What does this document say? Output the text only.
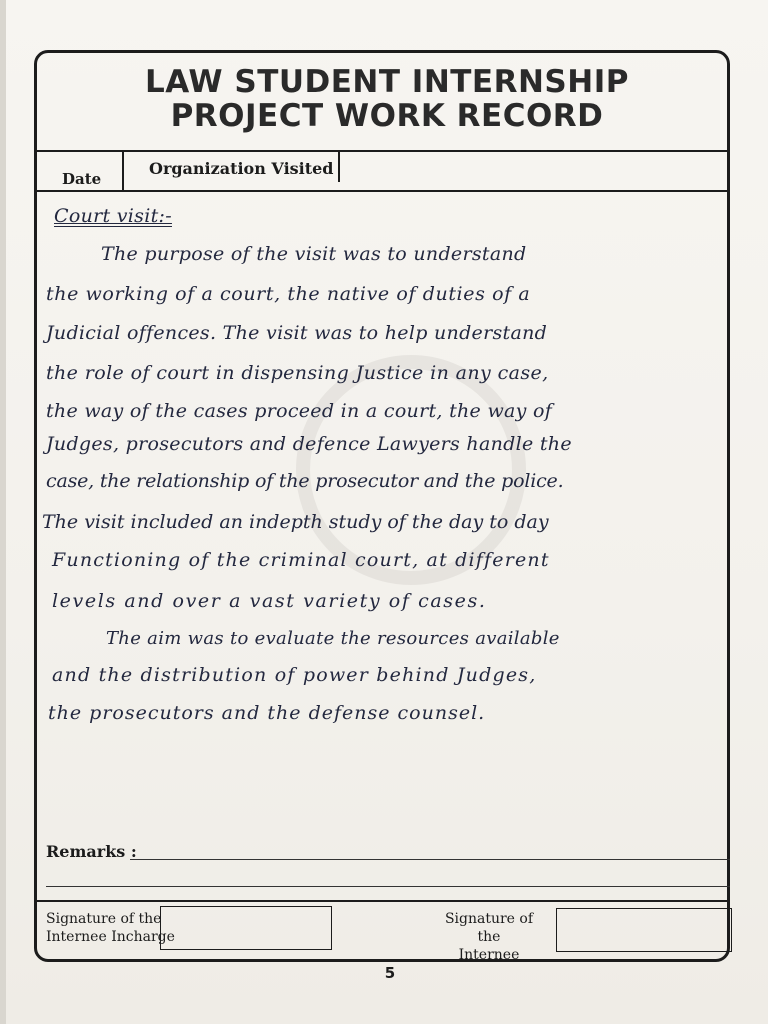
LAW STUDENT INTERNSHIP
PROJECT WORK RECORD
Date
Organization Visited
Court visit:-
The purpose of the visit was to understand
the working of a court, the native of duties of a
Judicial offences. The visit was to help understand
the role of court in dispensing Justice in any case,
the way of the cases proceed in a court, the way of
Judges, prosecutors and defence Lawyers handle the
case, the relationship of the prosecutor and the police.
The visit included an indepth study of the day to day
Functioning of the criminal court, at different
levels and over a vast variety of cases.
The aim was to evaluate the resources available
and the distribution of power behind Judges,
the prosecutors and the defense counsel.
Remarks :
Signature of the
Internee Incharge
Signature of the
Internee
5
